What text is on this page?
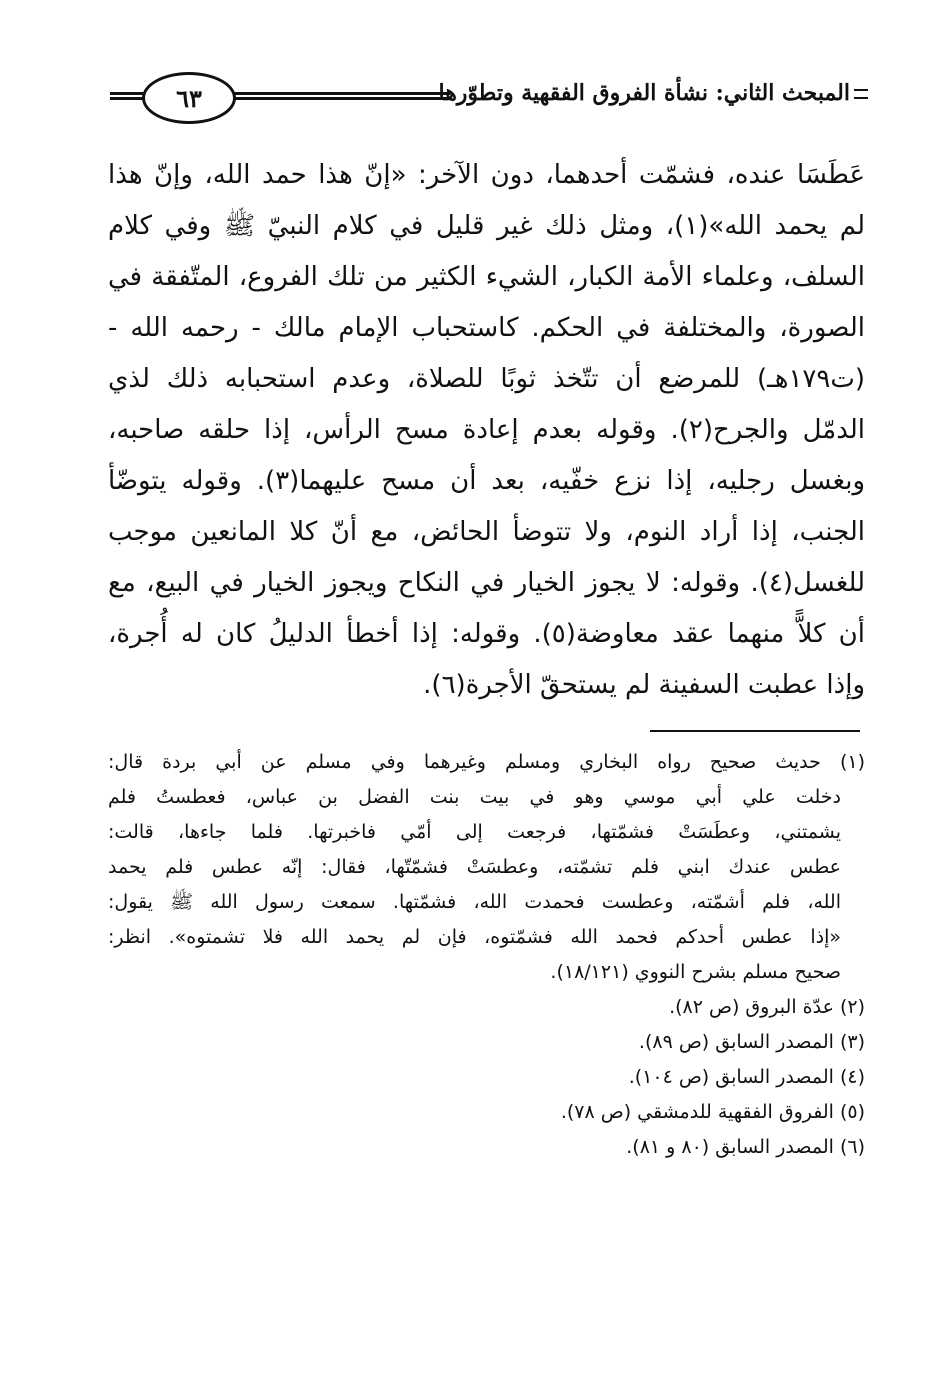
٦٣	المبحث الثاني: نشأة الفروق الفقهية وتطوّرها
عَطَسَا عنده، فشمّت أحدهما، دون الآخر: «إنّ هذا حمد الله، وإنّ هذا
لم يحمد الله»(١)، ومثل ذلك غير قليل في كلام النبيّ ﷺ وفي كلام
السلف، وعلماء الأمة الكبار، الشيء الكثير من تلك الفروع، المتّفقة في
الصورة، والمختلفة في الحكم. كاستحباب الإمام مالك - رحمه الله -
(ت١٧٩هـ) للمرضع أن تتّخذ ثوبًا للصلاة، وعدم استحبابه ذلك لذي
الدمّل والجرح(٢). وقوله بعدم إعادة مسح الرأس، إذا حلقه صاحبه،
وبغسل رجليه، إذا نزع خفّيه، بعد أن مسح عليهما(٣). وقوله يتوضّأ
الجنب، إذا أراد النوم، ولا تتوضأ الحائض، مع أنّ كلا المانعين موجب
للغسل(٤). وقوله: لا يجوز الخيار في النكاح ويجوز الخيار في البيع، مع
أن كلاًّ منهما عقد معاوضة(٥). وقوله: إذا أخطأ الدليلُ كان له أُجرة،
وإذا عطبت السفينة لم يستحقّ الأجرة(٦).
(١) حديث صحيح رواه البخاري ومسلم وغيرهما وفي مسلم عن أبي بردة قال:
دخلت علي أبي موسي وهو في بيت بنت الفضل بن عباس، فعطستُ فلم
يشمتني، وعطَسَتْ فشمّتها، فرجعت إلى أمّي فاخبرتها. فلما جاءها، قالت:
عطس عندك ابني فلم تشمّته، وعطسَتْ فشمّتّها، فقال: إنّه عطس فلم يحمد
الله، فلم أشمّته، وعطست فحمدت الله، فشمّتها. سمعت رسول الله ﷺ يقول:
«إذا عطس أحدكم فحمد الله فشمّتوه، فإن لم يحمد الله فلا تشمتوه». انظر:
صحيح مسلم بشرح النووي (١٨/١٢١).
(٢) عدّة البروق (ص ٨٢).
(٣) المصدر السابق (ص ٨٩).
(٤) المصدر السابق (ص ١٠٤).
(٥) الفروق الفقهية للدمشقي (ص ٧٨).
(٦) المصدر السابق (٨٠ و ٨١).
